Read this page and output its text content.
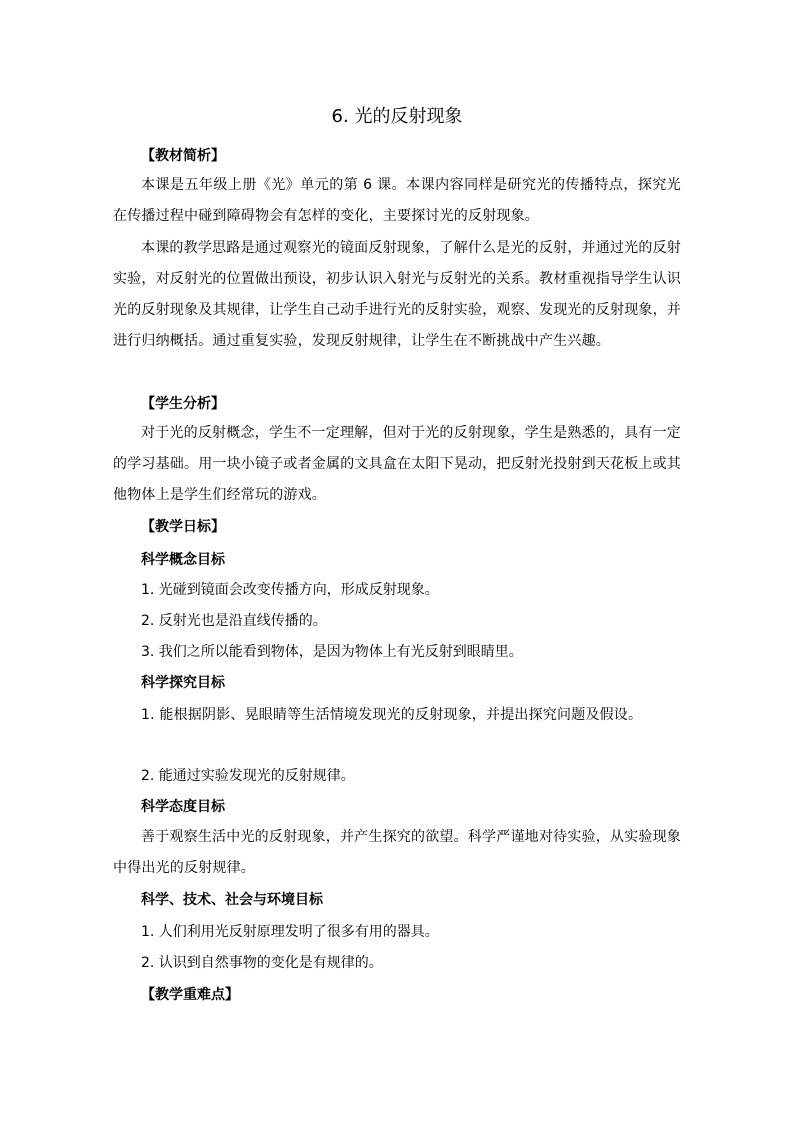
6. 光的反射现象

【教材简析】

本课是五年级上册《光》单元的第 6 课。本课内容同样是研究光的传播特点，探究光在传播过程中碰到障碍物会有怎样的变化，主要探讨光的反射现象。

本课的教学思路是通过观察光的镜面反射现象，了解什么是光的反射，并通过光的反射实验，对反射光的位置做出预设，初步认识入射光与反射光的关系。教材重视指导学生认识光的反射现象及其规律，让学生自己动手进行光的反射实验，观察、发现光的反射现象，并进行归纳概括。通过重复实验，发现反射规律，让学生在不断挑战中产生兴趣。

【学生分析】

对于光的反射概念，学生不一定理解，但对于光的反射现象，学生是熟悉的，具有一定的学习基础。用一块小镜子或者金属的文具盒在太阳下晃动，把反射光投射到天花板上或其他物体上是学生们经常玩的游戏。

【教学日标】

科学概念目标

1. 光碰到镜面会改变传播方向，形成反射现象。

2. 反射光也是沿直线传播的。

3. 我们之所以能看到物体，是因为物体上有光反射到眼睛里。

科学探究目标

1. 能根据阴影、晃眼睛等生活情境发现光的反射现象，并提出探究问题及假设。

2. 能通过实验发现光的反射规律。

科学态度目标

善于观察生活中光的反射现象，并产生探究的欲望。科学严谨地对待实验，从实验现象中得出光的反射规律。

科学、技术、社会与环境目标

1. 人们利用光反射原理发明了很多有用的器具。

2. 认识到自然事物的变化是有规律的。

【教学重难点】
